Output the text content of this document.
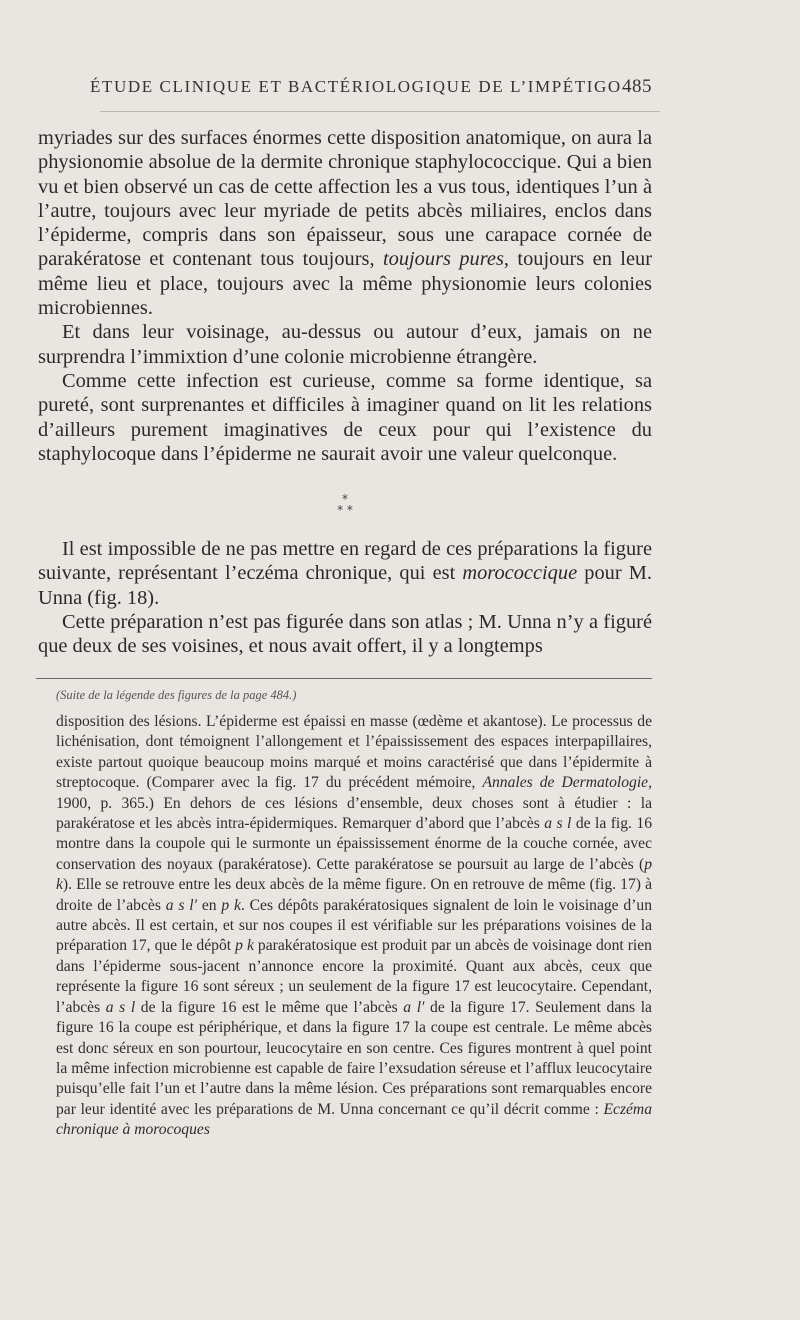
ÉTUDE CLINIQUE ET BACTÉRIOLOGIQUE DE L’IMPÉTIGO 485

myriades sur des surfaces énormes cette disposition anatomique, on aura la physionomie absolue de la dermite chronique staphylococcique. Qui a bien vu et bien observé un cas de cette affection les a vus tous, identiques l’un à l’autre, toujours avec leur myriade de petits abcès miliaires, enclos dans l’épiderme, compris dans son épaisseur, sous une carapace cornée de parakératose et contenant tous toujours, toujours pures, toujours en leur même lieu et place, toujours avec la même physionomie leurs colonies microbiennes.

Et dans leur voisinage, au-dessus ou autour d’eux, jamais on ne surprendra l’immixtion d’une colonie microbienne étrangère.

Comme cette infection est curieuse, comme sa forme identique, sa pureté, sont surprenantes et difficiles à imaginer quand on lit les relations d’ailleurs purement imaginatives de ceux pour qui l’existence du staphylocoque dans l’épiderme ne saurait avoir une valeur quelconque.

*
* *

Il est impossible de ne pas mettre en regard de ces préparations la figure suivante, représentant l’eczéma chronique, qui est morococcique pour M. Unna (fig. 18).

Cette préparation n’est pas figurée dans son atlas ; M. Unna n’y a figuré que deux de ses voisines, et nous avait offert, il y a longtemps

(Suite de la légende des figures de la page 484.)

disposition des lésions. L’épiderme est épaissi en masse (œdème et akantose). Le processus de lichénisation, dont témoignent l’allongement et l’épaississement des espaces interpapillaires, existe partout quoique beaucoup moins marqué et moins caractérisé que dans l’épidermite à streptocoque. (Comparer avec la fig. 17 du précédent mémoire, Annales de Dermatologie, 1900, p. 365.) En dehors de ces lésions d’ensemble, deux choses sont à étudier : la parakératose et les abcès intra-épidermiques. Remarquer d’abord que l’abcès a s l de la fig. 16 montre dans la coupole qui le surmonte un épaississement énorme de la couche cornée, avec conservation des noyaux (parakératose). Cette parakératose se poursuit au large de l’abcès (p k). Elle se retrouve entre les deux abcès de la même figure. On en retrouve de même (fig. 17) à droite de l’abcès a s l′ en p k. Ces dépôts parakératosiques signalent de loin le voisinage d’un autre abcès. Il est certain, et sur nos coupes il est vérifiable sur les préparations voisines de la préparation 17, que le dépôt p k parakératosique est produit par un abcès de voisinage dont rien dans l’épiderme sous-jacent n’annonce encore la proximité. Quant aux abcès, ceux que représente la figure 16 sont séreux ; un seulement de la figure 17 est leucocytaire. Cependant, l’abcès a s l de la figure 16 est le même que l’abcès a l′ de la figure 17. Seulement dans la figure 16 la coupe est périphérique, et dans la figure 17 la coupe est centrale. Le même abcès est donc séreux en son pourtour, leucocytaire en son centre. Ces figures montrent à quel point la même infection microbienne est capable de faire l’exsudation séreuse et l’afflux leucocytaire puisqu’elle fait l’un et l’autre dans la même lésion. Ces préparations sont remarquables encore par leur identité avec les préparations de M. Unna concernant ce qu’il décrit comme : Eczéma chronique à morocoques
